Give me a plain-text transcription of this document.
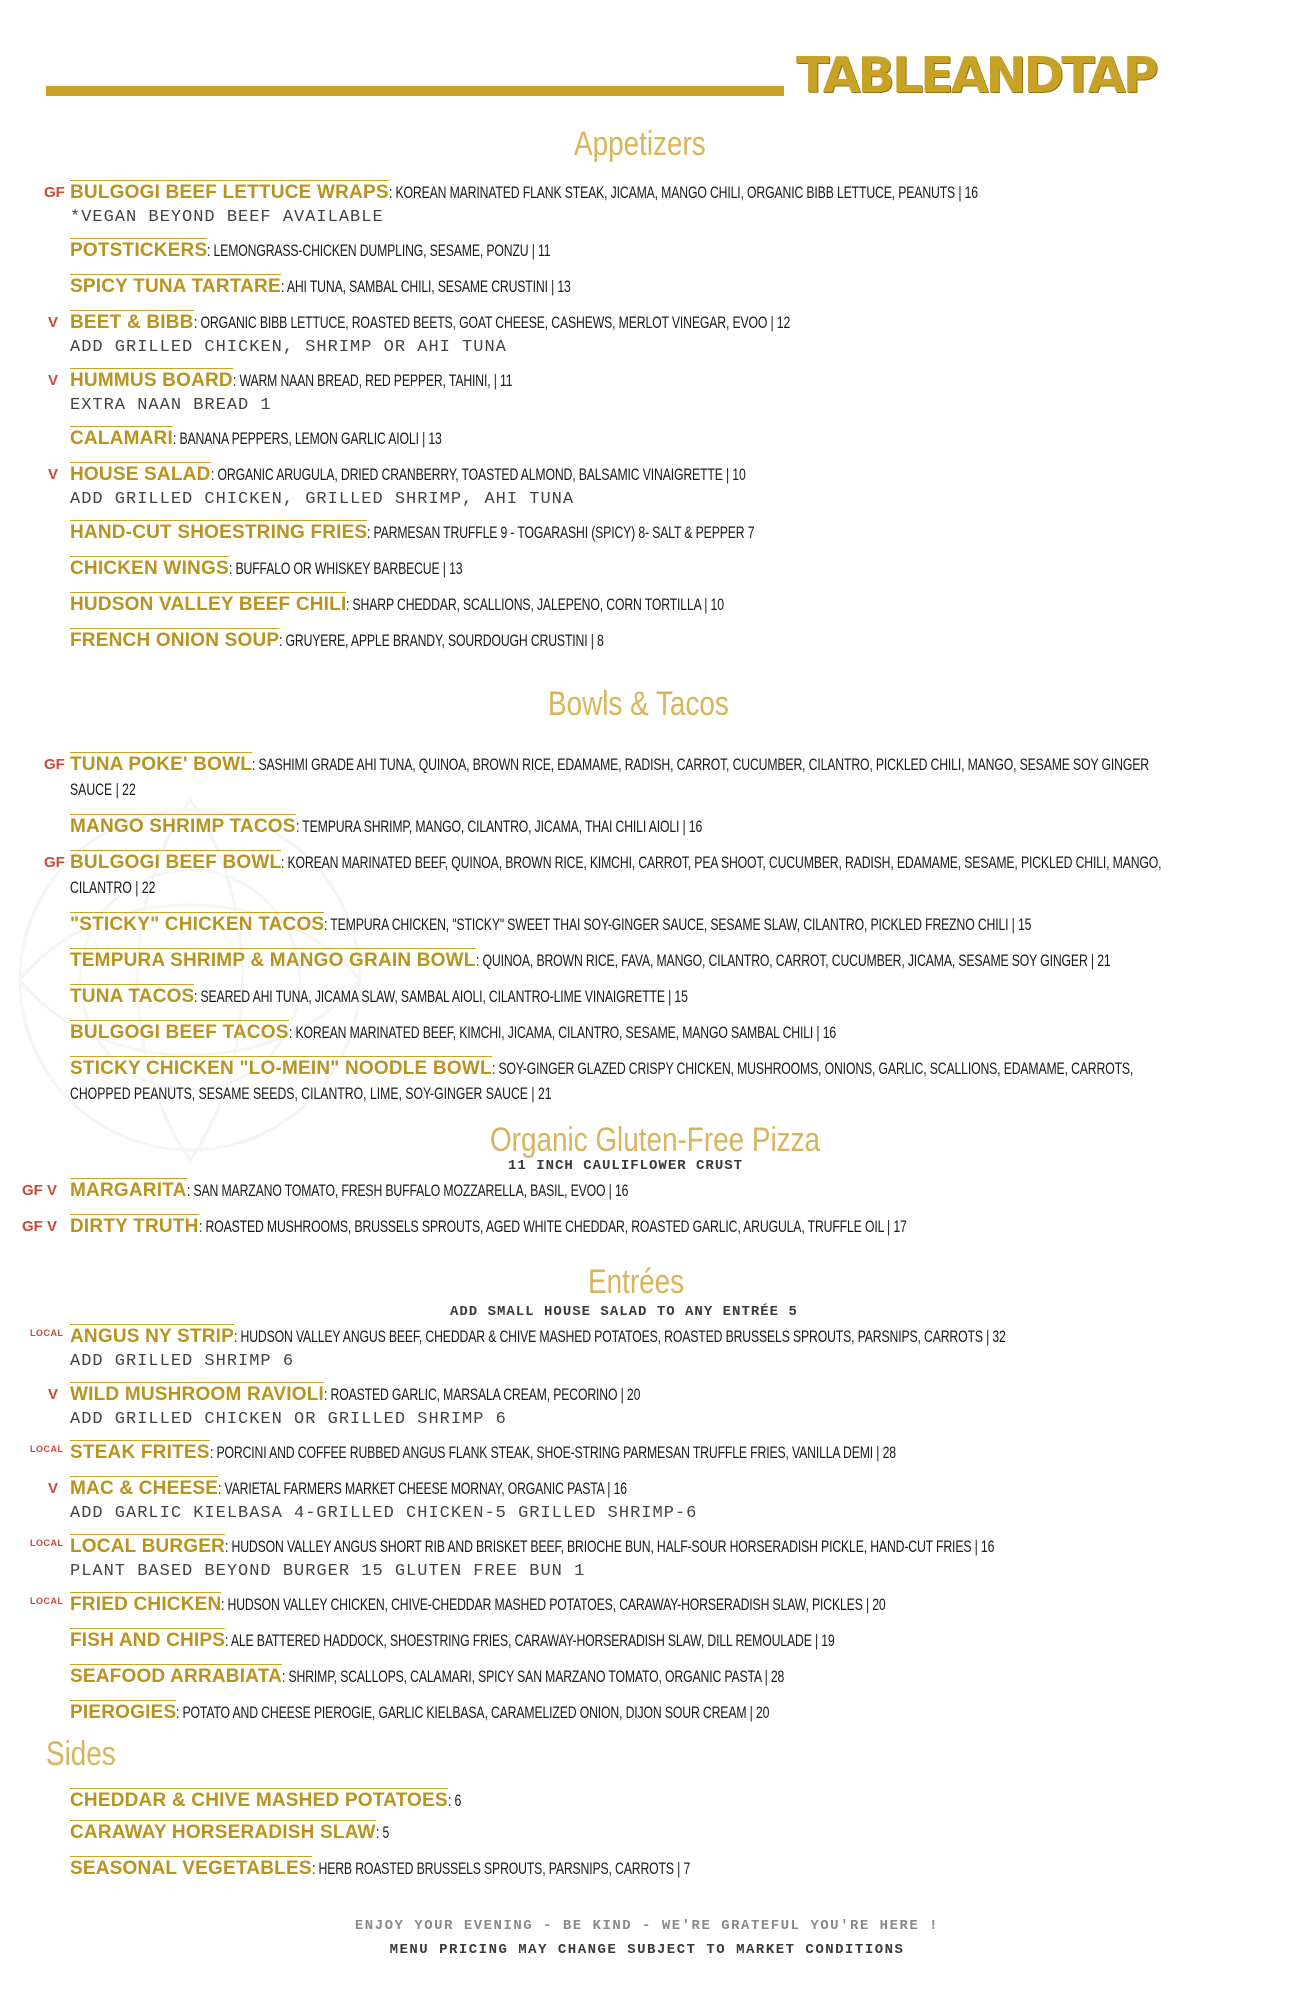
TABLEANDTAP
Appetizers
GF BULGOGI BEEF LETTUCE WRAPS: KOREAN MARINATED FLANK STEAK, JICAMA, MANGO CHILI, ORGANIC BIBB LETTUCE, PEANUTS | 16
*VEGAN BEYOND BEEF AVAILABLE
POTSTICKERS: LEMONGRASS-CHICKEN DUMPLING, SESAME, PONZU | 11
SPICY TUNA TARTARE: AHI TUNA, SAMBAL CHILI, SESAME CRUSTINI | 13
V BEET & BIBB: ORGANIC BIBB LETTUCE, ROASTED BEETS, GOAT CHEESE, CASHEWS, MERLOT VINEGAR, EVOO | 12
ADD GRILLED CHICKEN, SHRIMP OR AHI TUNA
V HUMMUS BOARD: WARM NAAN BREAD, RED PEPPER, TAHINI, | 11
EXTRA NAAN BREAD 1
CALAMARI: BANANA PEPPERS, LEMON GARLIC AIOLI | 13
V HOUSE SALAD: ORGANIC ARUGULA, DRIED CRANBERRY, TOASTED ALMOND, BALSAMIC VINAIGRETTE | 10
ADD GRILLED CHICKEN, GRILLED SHRIMP, AHI TUNA
HAND-CUT SHOESTRING FRIES: PARMESAN TRUFFLE 9 - TOGARASHI (SPICY) 8- SALT & PEPPER 7
CHICKEN WINGS: BUFFALO OR WHISKEY BARBECUE | 13
HUDSON VALLEY BEEF CHILI: SHARP CHEDDAR, SCALLIONS, JALEPENO, CORN TORTILLA | 10
FRENCH ONION SOUP: GRUYERE, APPLE BRANDY, SOURDOUGH CRUSTINI | 8
Bowls & Tacos
GF TUNA POKE' BOWL: SASHIMI GRADE AHI TUNA, QUINOA, BROWN RICE, EDAMAME, RADISH, CARROT, CUCUMBER, CILANTRO, PICKLED CHILI, MANGO, SESAME SOY GINGER
SAUCE | 22
MANGO SHRIMP TACOS: TEMPURA SHRIMP, MANGO, CILANTRO, JICAMA, THAI CHILI AIOLI | 16
GF BULGOGI BEEF BOWL: KOREAN MARINATED BEEF, QUINOA, BROWN RICE, KIMCHI, CARROT, PEA SHOOT, CUCUMBER, RADISH, EDAMAME, SESAME, PICKLED CHILI, MANGO,
CILANTRO | 22
"STICKY" CHICKEN TACOS: TEMPURA CHICKEN, "STICKY" SWEET THAI SOY-GINGER SAUCE, SESAME SLAW, CILANTRO, PICKLED FREZNO CHILI | 15
TEMPURA SHRIMP & MANGO GRAIN BOWL: QUINOA, BROWN RICE, FAVA, MANGO, CILANTRO, CARROT, CUCUMBER, JICAMA, SESAME SOY GINGER | 21
TUNA TACOS: SEARED AHI TUNA, JICAMA SLAW, SAMBAL AIOLI, CILANTRO-LIME VINAIGRETTE | 15
BULGOGI BEEF TACOS: KOREAN MARINATED BEEF, KIMCHI, JICAMA, CILANTRO, SESAME, MANGO SAMBAL CHILI | 16
STICKY CHICKEN "LO-MEIN" NOODLE BOWL: SOY-GINGER GLAZED CRISPY CHICKEN, MUSHROOMS, ONIONS, GARLIC, SCALLIONS, EDAMAME, CARROTS,
CHOPPED PEANUTS, SESAME SEEDS, CILANTRO, LIME, SOY-GINGER SAUCE | 21
Organic Gluten-Free Pizza
11 INCH CAULIFLOWER CRUST
GF V MARGARITA: SAN MARZANO TOMATO, FRESH BUFFALO MOZZARELLA, BASIL, EVOO | 16
GF V DIRTY TRUTH: ROASTED MUSHROOMS, BRUSSELS SPROUTS, AGED WHITE CHEDDAR, ROASTED GARLIC, ARUGULA, TRUFFLE OIL | 17
Entrées
ADD SMALL HOUSE SALAD TO ANY ENTRÉE 5
LOCAL ANGUS NY STRIP: HUDSON VALLEY ANGUS BEEF, CHEDDAR & CHIVE MASHED POTATOES, ROASTED BRUSSELS SPROUTS, PARSNIPS, CARROTS | 32
ADD GRILLED SHRIMP 6
V WILD MUSHROOM RAVIOLI: ROASTED GARLIC, MARSALA CREAM, PECORINO | 20
ADD GRILLED CHICKEN OR GRILLED SHRIMP 6
LOCAL STEAK FRITES: PORCINI AND COFFEE RUBBED ANGUS FLANK STEAK, SHOE-STRING PARMESAN TRUFFLE FRIES, VANILLA DEMI | 28
V MAC & CHEESE: VARIETAL FARMERS MARKET CHEESE MORNAY, ORGANIC PASTA | 16
ADD GARLIC KIELBASA 4-GRILLED CHICKEN-5 GRILLED SHRIMP-6
LOCAL LOCAL BURGER: HUDSON VALLEY ANGUS SHORT RIB AND BRISKET BEEF, BRIOCHE BUN, HALF-SOUR HORSERADISH PICKLE, HAND-CUT FRIES | 16
PLANT BASED BEYOND BURGER 15 GLUTEN FREE BUN 1
LOCAL FRIED CHICKEN: HUDSON VALLEY CHICKEN, CHIVE-CHEDDAR MASHED POTATOES, CARAWAY-HORSERADISH SLAW, PICKLES | 20
FISH AND CHIPS: ALE BATTERED HADDOCK, SHOESTRING FRIES, CARAWAY-HORSERADISH SLAW, DILL REMOULADE | 19
SEAFOOD ARRABIATA: SHRIMP, SCALLOPS, CALAMARI, SPICY SAN MARZANO TOMATO, ORGANIC PASTA | 28
PIEROGIES: POTATO AND CHEESE PIEROGIE, GARLIC KIELBASA, CARAMELIZED ONION, DIJON SOUR CREAM | 20
Sides
CHEDDAR & CHIVE MASHED POTATOES: 6
CARAWAY HORSERADISH SLAW: 5
SEASONAL VEGETABLES: HERB ROASTED BRUSSELS SPROUTS, PARSNIPS, CARROTS | 7
ENJOY YOUR EVENING - BE KIND - WE'RE GRATEFUL YOU'RE HERE !
MENU PRICING MAY CHANGE SUBJECT TO MARKET CONDITIONS
